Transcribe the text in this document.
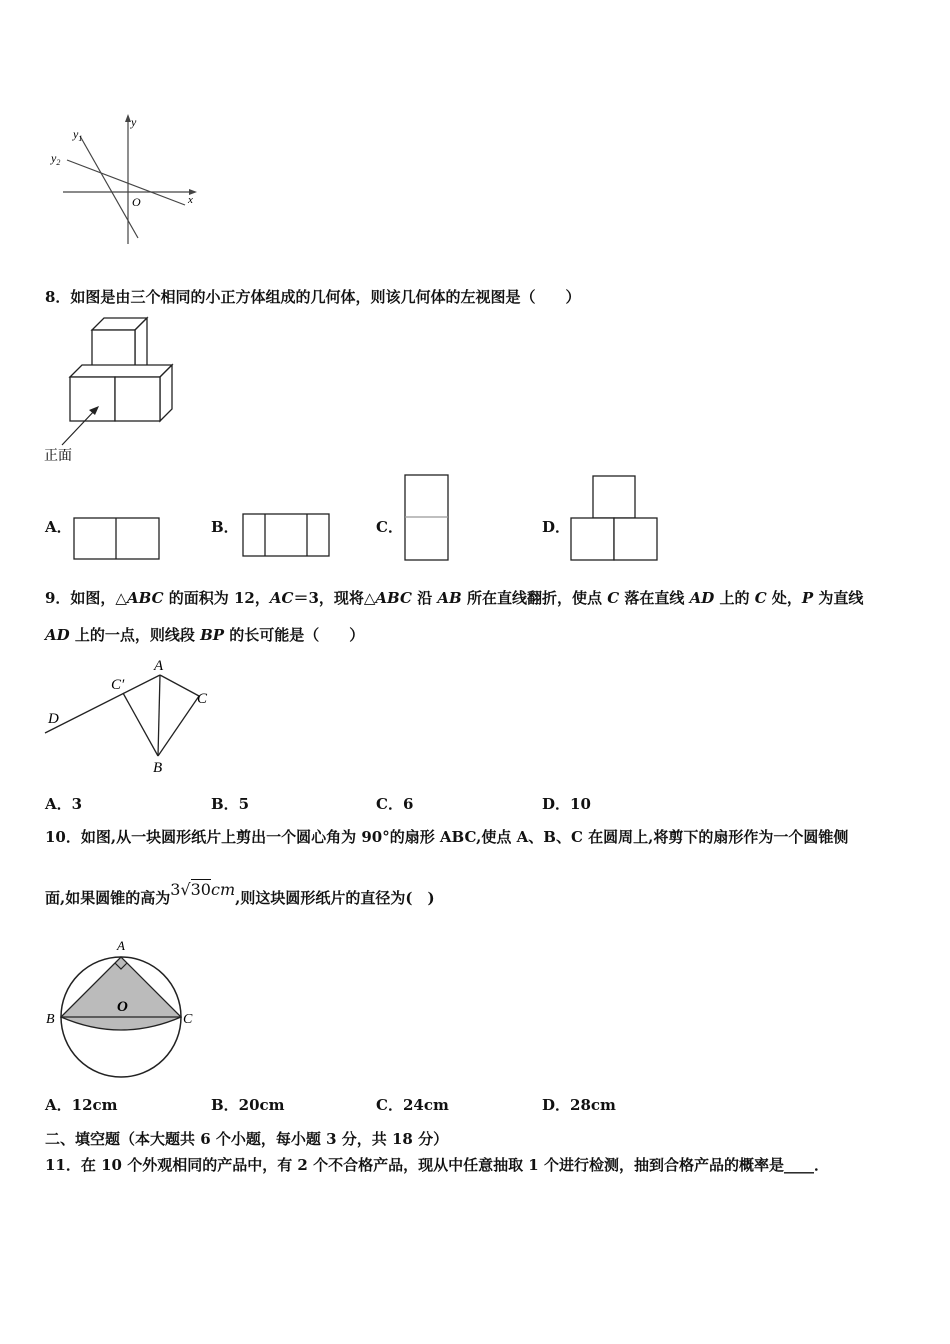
$y_1$
$y_2$
y
O	x
8．如图是由三个相同的小正方体组成的几何体，则该几何体的左视图是（　　）
正面
A．	B．	C．	D．
9．如图，△ABC 的面积为 12，AC＝3，现将△ABC 沿 AB 所在直线翻折，使点 C 落在直线 AD 上的 C 处，P 为直线
AD 上的一点，则线段 BP 的长可能是（　　）
D
C′
A
C
B
A．3	B．5	C．6	D．10
10．如图,从一块圆形纸片上剪出一个圆心角为 90°的扇形 ABC,使点 A、B、C 在圆周上,将剪下的扇形作为一个圆锥侧
面,如果圆锥的高为3√30cm,则这块圆形纸片的直径为(　)
A
B	C
O
A．12cm	B．20cm	C．24cm	D．28cm
二、填空题（本大题共 6 个小题，每小题 3 分，共 18 分）
11．在 10 个外观相同的产品中，有 2 个不合格产品，现从中任意抽取 1 个进行检测，抽到合格产品的概率是____．
